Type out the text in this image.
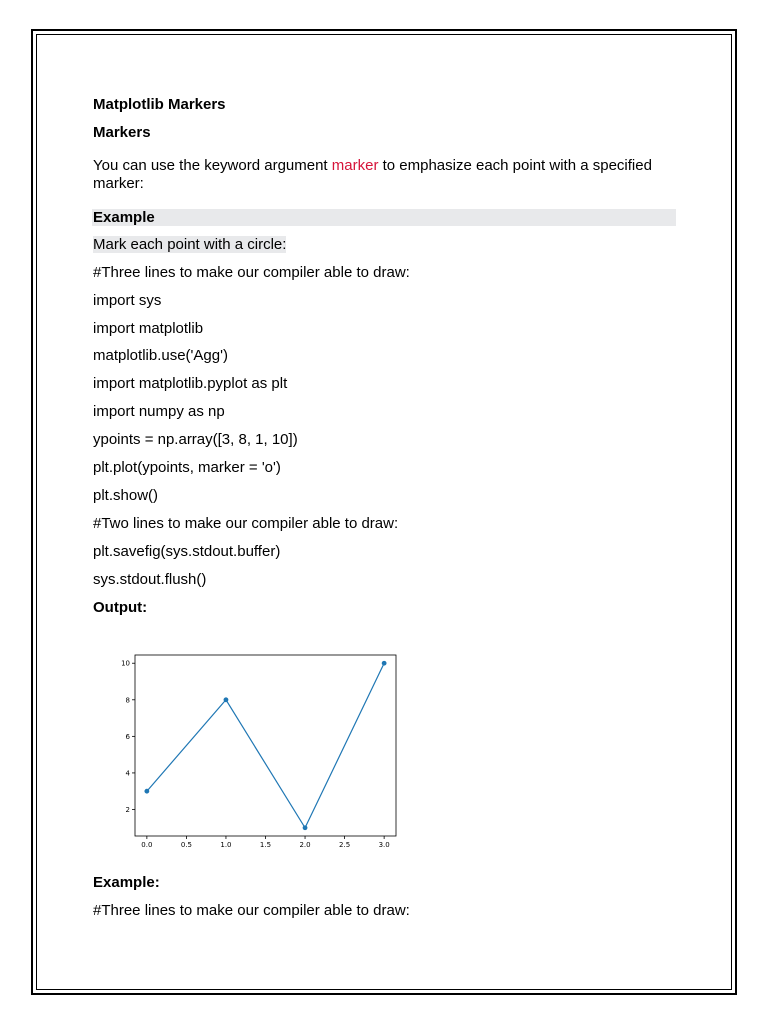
Matplotlib Markers
Markers
You can use the keyword argument marker to emphasize each point with a specified marker:
Example
Mark each point with a circle:
#Three lines to make our compiler able to draw:
import sys
import matplotlib
matplotlib.use('Agg')
import matplotlib.pyplot as plt
import numpy as np
ypoints = np.array([3, 8, 1, 10])
plt.plot(ypoints, marker = 'o')
plt.show()
#Two lines to make our compiler able to draw:
plt.savefig(sys.stdout.buffer)
sys.stdout.flush()
Output:
0.0	0.5	1.0	1.5	2.0	2.5	3.0
2
4
6
8
10
Example:
#Three lines to make our compiler able to draw:
